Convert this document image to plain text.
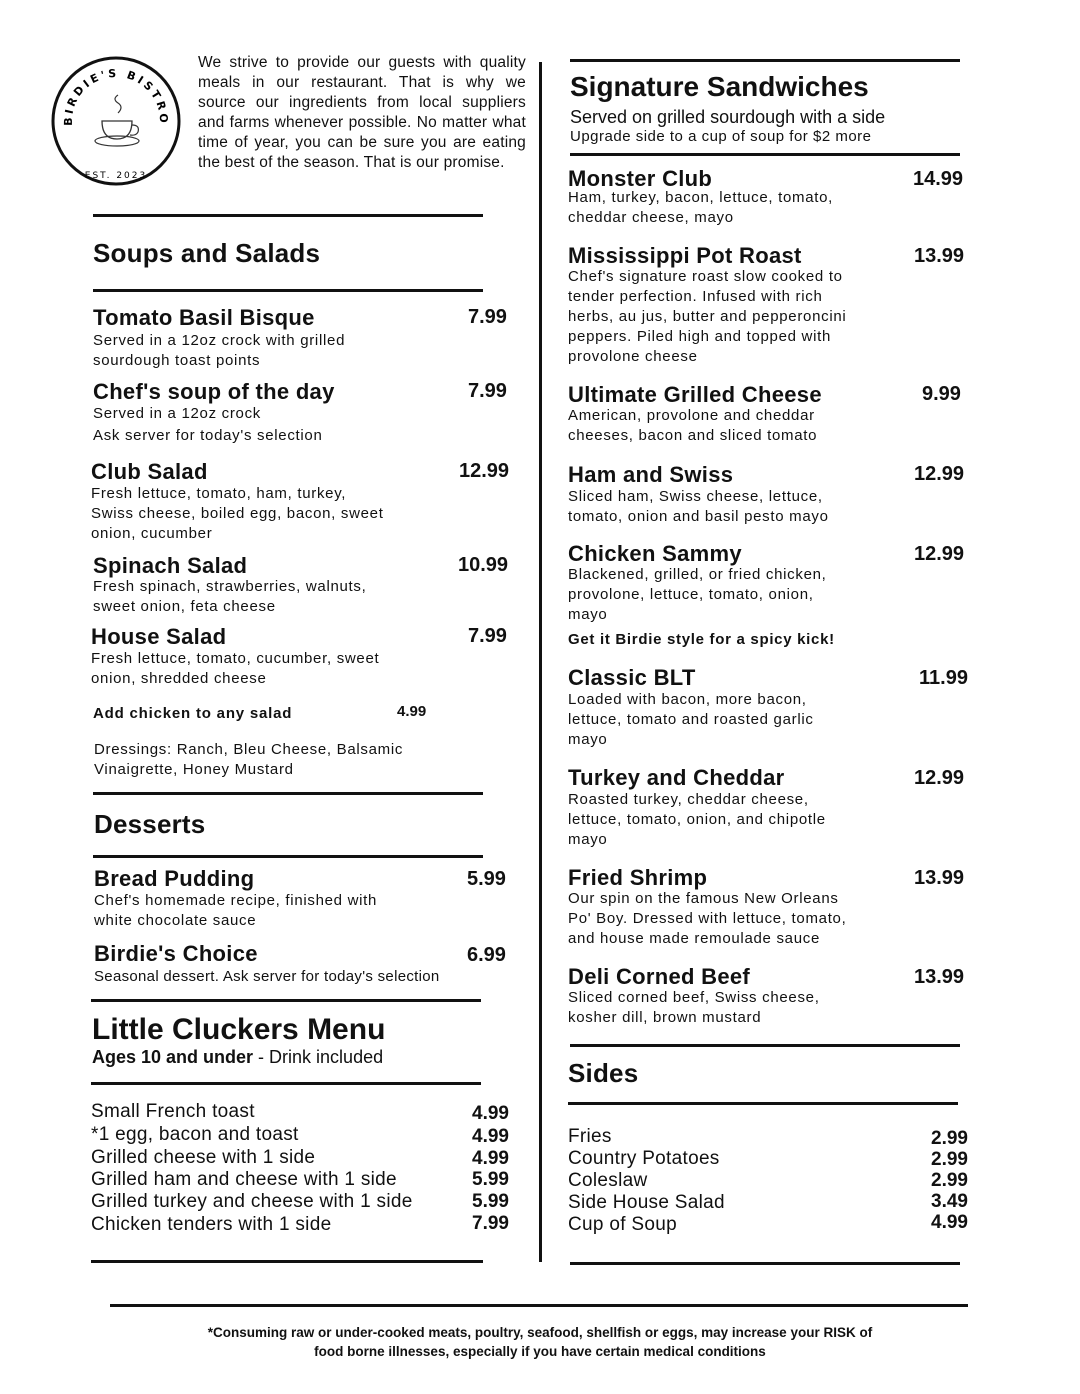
BIRDIE'S BISTRO
EST. 2023
We strive to provide our guests with quality meals in our restaurant. That is why we source our ingredients from local suppliers and farms whenever possible. No matter what time of year, you can be sure you are eating the best of the season. That is our promise.
Soups and Salads
Tomato Basil Bisque	7.99
Served in a 12oz crock with grilled
sourdough toast points
Chef's soup of the day	7.99
Served in a 12oz crock
Ask server for today's selection
Club Salad	12.99
Fresh lettuce, tomato, ham, turkey,
Swiss cheese, boiled egg, bacon, sweet
onion, cucumber
Spinach Salad	10.99
Fresh spinach, strawberries, walnuts,
sweet onion, feta cheese
House Salad	7.99
Fresh lettuce, tomato, cucumber, sweet
onion, shredded cheese
Add chicken to any salad	4.99
Dressings: Ranch, Bleu Cheese, Balsamic
Vinaigrette, Honey Mustard
Desserts
Bread Pudding	5.99
Chef's homemade recipe, finished with
white chocolate sauce
Birdie's Choice	6.99
Seasonal dessert. Ask server for today's selection
Little Cluckers Menu
Ages 10 and under - Drink included
Small French toast	4.99
*1 egg, bacon and toast	4.99
Grilled cheese with 1 side	4.99
Grilled ham and cheese with 1 side	5.99
Grilled turkey and cheese with 1 side	5.99
Chicken tenders with 1 side	7.99
Signature Sandwiches
Served on grilled sourdough with a side
Upgrade side to a cup of soup for $2 more
Monster Club	14.99
Ham, turkey, bacon, lettuce, tomato,
cheddar cheese, mayo
Mississippi Pot Roast	13.99
Chef's signature roast slow cooked to
tender perfection. Infused with rich
herbs, au jus, butter and pepperoncini
peppers. Piled high and topped with
provolone cheese
Ultimate Grilled Cheese	9.99
American, provolone and cheddar
cheeses, bacon and sliced tomato
Ham and Swiss	12.99
Sliced ham, Swiss cheese, lettuce,
tomato, onion and basil pesto mayo
Chicken Sammy	12.99
Blackened, grilled, or fried chicken,
provolone, lettuce, tomato, onion,
mayo
Get it Birdie style for a spicy kick!
Classic BLT	11.99
Loaded with bacon, more bacon,
lettuce, tomato and roasted garlic
mayo
Turkey and Cheddar	12.99
Roasted turkey, cheddar cheese,
lettuce, tomato, onion, and chipotle
mayo
Fried Shrimp	13.99
Our spin on the famous New Orleans
Po' Boy. Dressed with lettuce, tomato,
and house made remoulade sauce
Deli Corned Beef	13.99
Sliced corned beef, Swiss cheese,
kosher dill, brown mustard
Sides
Fries	2.99
Country Potatoes	2.99
Coleslaw	2.99
Side House Salad	3.49
Cup of Soup	4.99
*Consuming raw or under-cooked meats, poultry, seafood, shellfish or eggs, may increase your RISK of
food borne illnesses, especially if you have certain medical conditions
